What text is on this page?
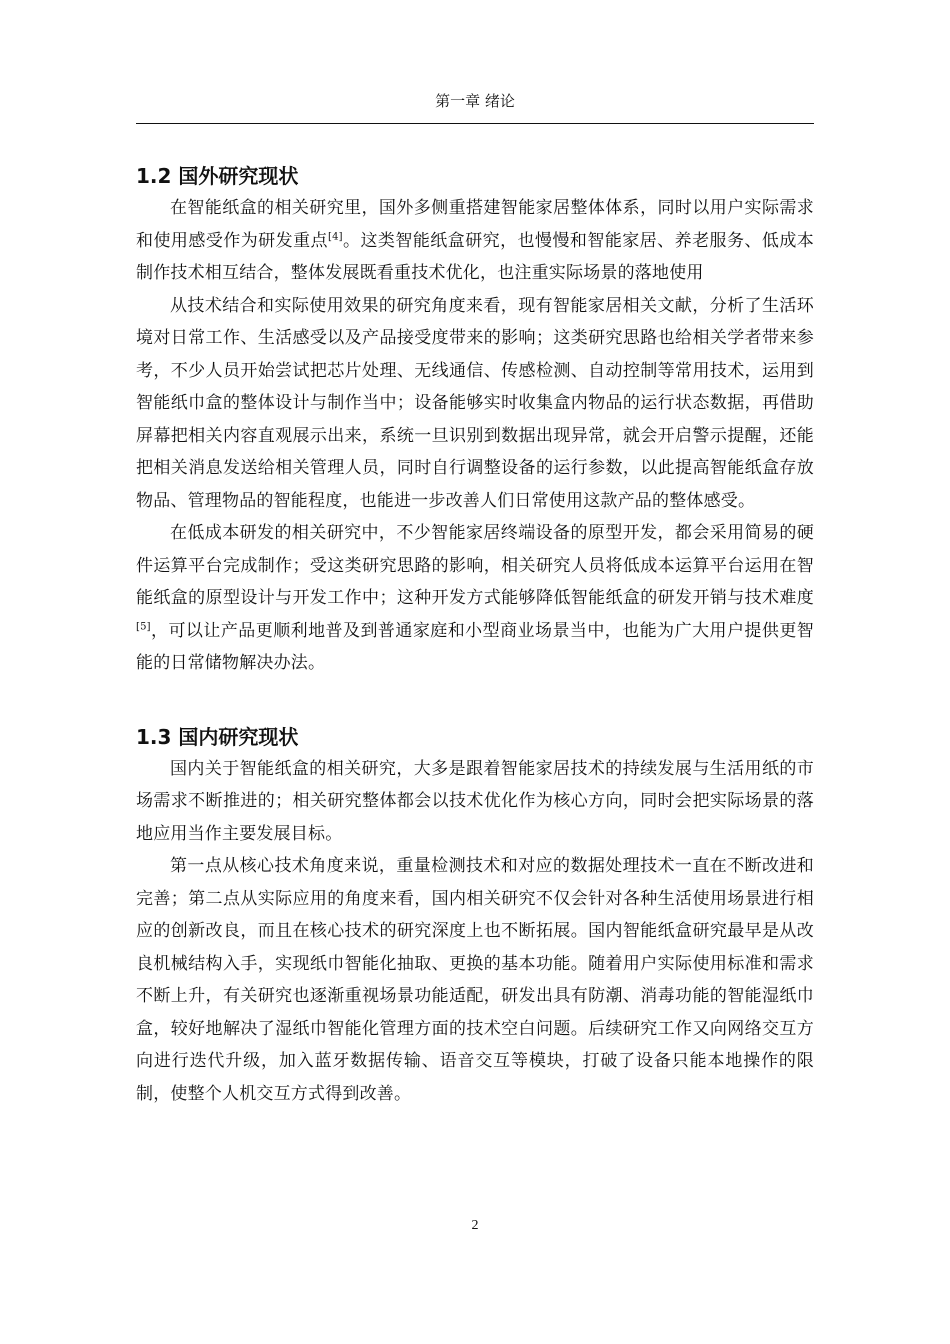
第一章 绪论
1.2 国外研究现状

在智能纸盒的相关研究里，国外多侧重搭建智能家居整体体系，同时以用户实际需求和使用感受作为研发重点[4]。这类智能纸盒研究，也慢慢和智能家居、养老服务、低成本制作技术相互结合，整体发展既看重技术优化，也注重实际场景的落地使用

从技术结合和实际使用效果的研究角度来看，现有智能家居相关文献，分析了生活环境对日常工作、生活感受以及产品接受度带来的影响；这类研究思路也给相关学者带来参考，不少人员开始尝试把芯片处理、无线通信、传感检测、自动控制等常用技术，运用到智能纸巾盒的整体设计与制作当中；设备能够实时收集盒内物品的运行状态数据，再借助屏幕把相关内容直观展示出来，系统一旦识别到数据出现异常，就会开启警示提醒，还能把相关消息发送给相关管理人员，同时自行调整设备的运行参数，以此提高智能纸盒存放物品、管理物品的智能程度，也能进一步改善人们日常使用这款产品的整体感受。

在低成本研发的相关研究中，不少智能家居终端设备的原型开发，都会采用简易的硬件运算平台完成制作；受这类研究思路的影响，相关研究人员将低成本运算平台运用在智能纸盒的原型设计与开发工作中；这种开发方式能够降低智能纸盒的研发开销与技术难度[5]，可以让产品更顺利地普及到普通家庭和小型商业场景当中，也能为广大用户提供更智能的日常储物解决办法。

1.3 国内研究现状

国内关于智能纸盒的相关研究，大多是跟着智能家居技术的持续发展与生活用纸的市场需求不断推进的；相关研究整体都会以技术优化作为核心方向，同时会把实际场景的落地应用当作主要发展目标。

第一点从核心技术角度来说，重量检测技术和对应的数据处理技术一直在不断改进和完善；第二点从实际应用的角度来看，国内相关研究不仅会针对各种生活使用场景进行相应的创新改良，而且在核心技术的研究深度上也不断拓展。国内智能纸盒研究最早是从改良机械结构入手，实现纸巾智能化抽取、更换的基本功能。随着用户实际使用标准和需求不断上升，有关研究也逐渐重视场景功能适配，研发出具有防潮、消毒功能的智能湿纸巾盒，较好地解决了湿纸巾智能化管理方面的技术空白问题。后续研究工作又向网络交互方向进行迭代升级，加入蓝牙数据传输、语音交互等模块，打破了设备只能本地操作的限制，使整个人机交互方式得到改善。

2
